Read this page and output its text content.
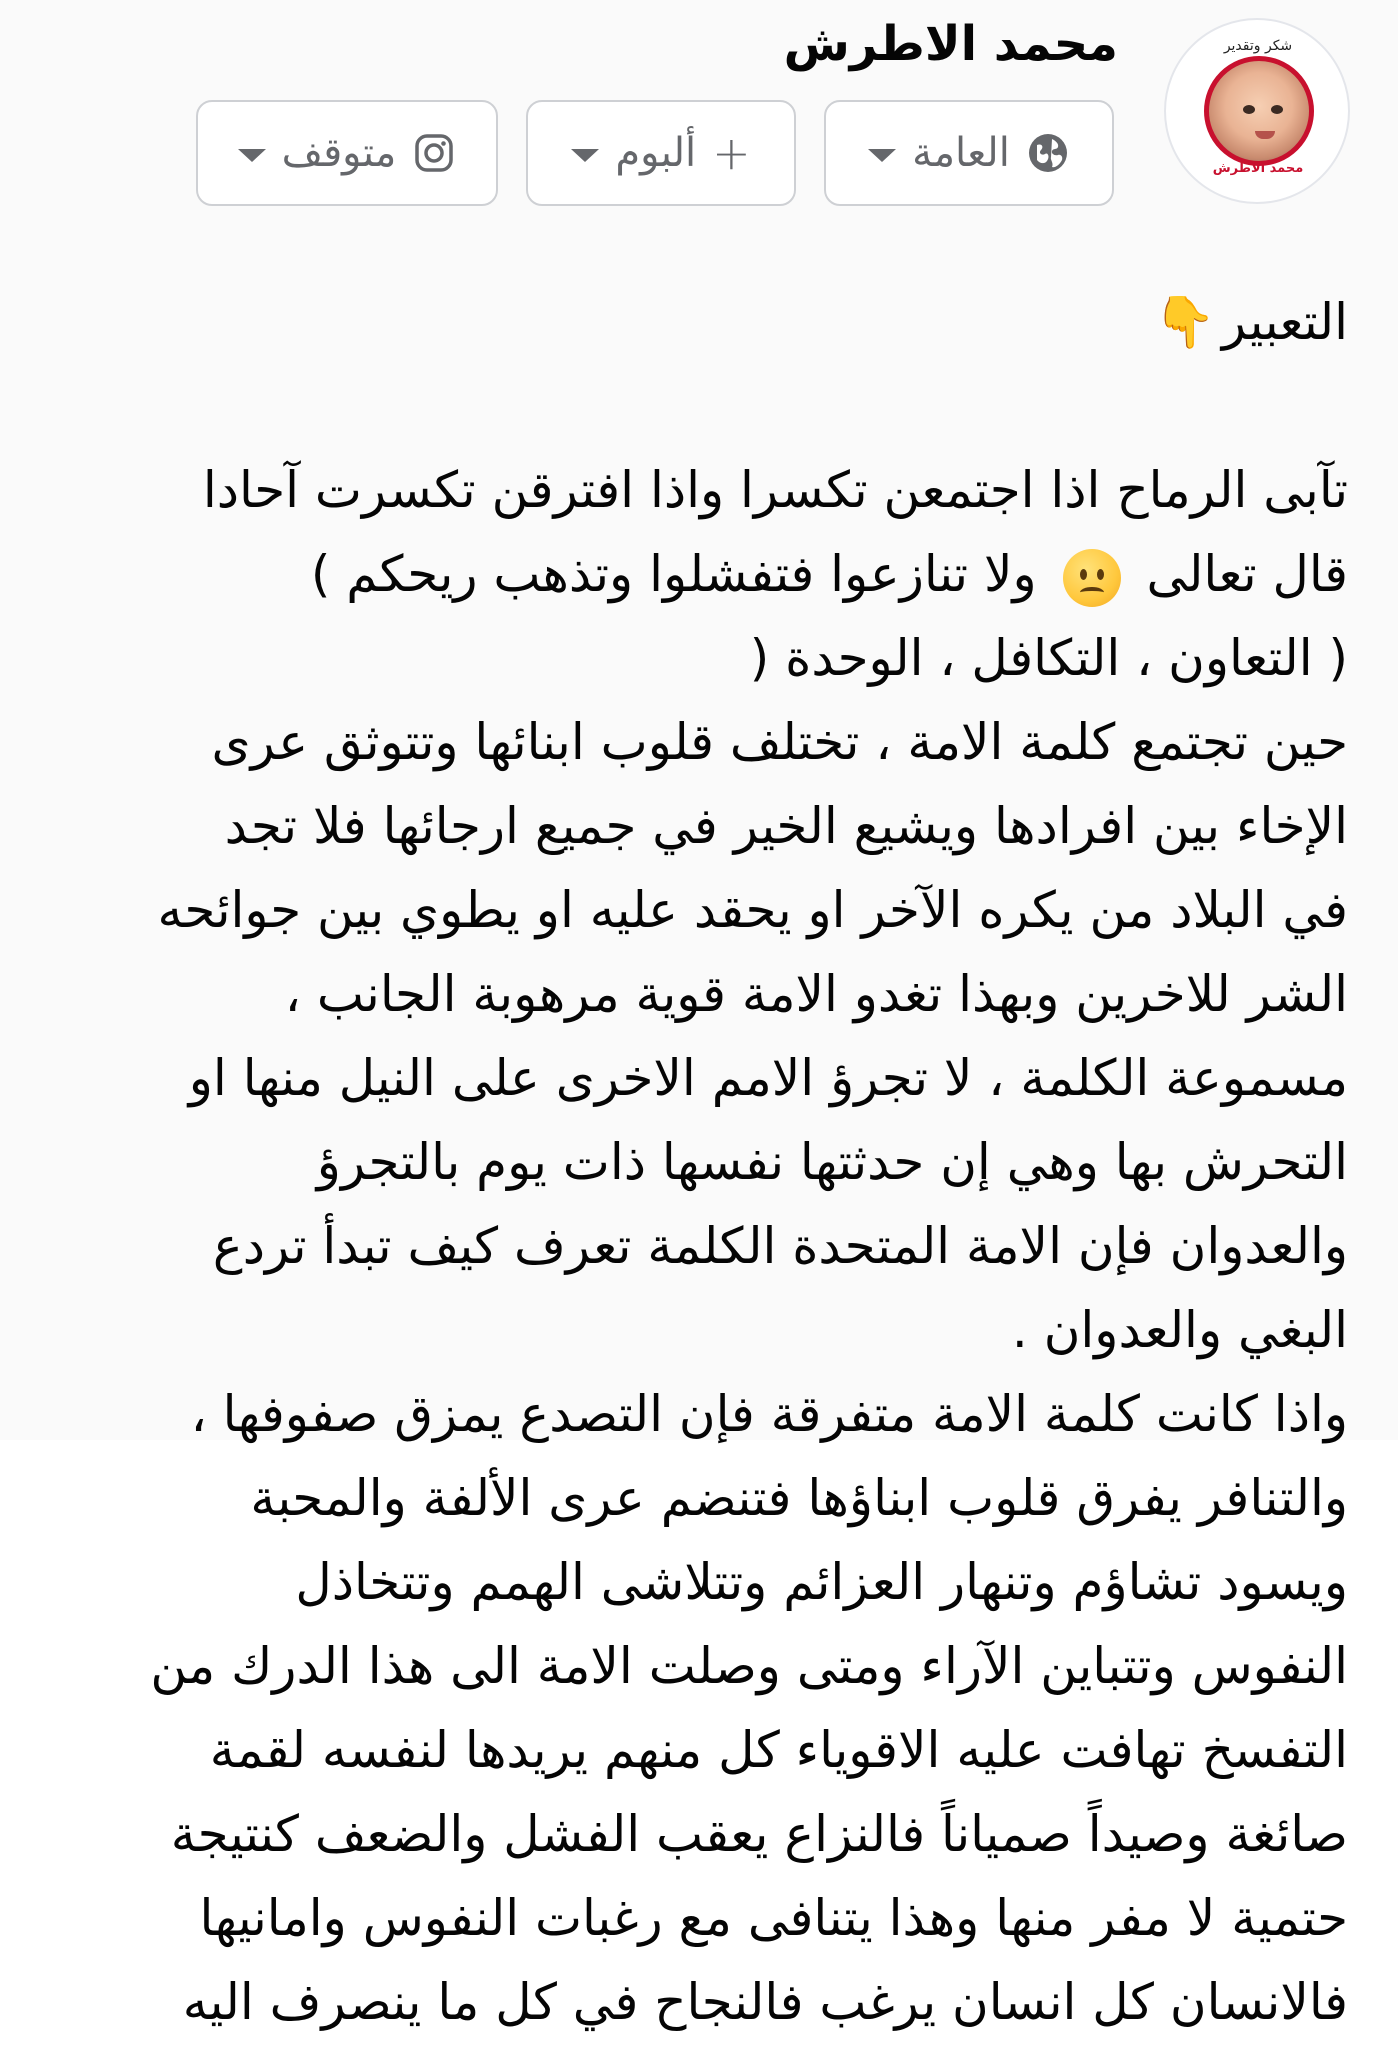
شكر وتقدير
محمد الاطرش
محمد الاطرش
العامة
+
ألبوم
متوقف
التعبير
👇
تآبى الرماح اذا اجتمعن تكسرا واذا افترقن تكسرت آحادا
قال تعالى
ولا تنازعوا فتفشلوا وتذهب ريحكم )
( التعاون ، التكافل ، الوحدة (
حين تجتمع كلمة الامة ، تختلف قلوب ابنائها وتتوثق عرى
الإخاء بين افرادها ويشيع الخير في جميع ارجائها فلا تجد
في البلاد من يكره الآخر او يحقد عليه او يطوي بين جوائحه
الشر للاخرين وبهذا تغدو الامة قوية مرهوبة الجانب ،
مسموعة الكلمة ، لا تجرؤ الامم الاخرى على النيل منها او
التحرش بها وهي إن حدثتها نفسها ذات يوم بالتجرؤ
والعدوان فإن الامة المتحدة الكلمة تعرف كيف تبدأ تردع
البغي والعدوان .
واذا كانت كلمة الامة متفرقة فإن التصدع يمزق صفوفها ،
والتنافر يفرق قلوب ابناؤها فتنضم عرى الألفة والمحبة
ويسود تشاؤم وتنهار العزائم وتتلاشى الهمم وتتخاذل
النفوس وتتباين الآراء ومتى وصلت الامة الى هذا الدرك من
التفسخ تهافت عليه الاقوياء كل منهم يريدها لنفسه لقمة
صائغة وصيداً صمياناً فالنزاع يعقب الفشل والضعف كنتيجة
حتمية لا مفر منها وهذا يتنافى مع رغبات النفوس وامانيها
فالانسان كل انسان يرغب فالنجاح في كل ما ينصرف اليه
